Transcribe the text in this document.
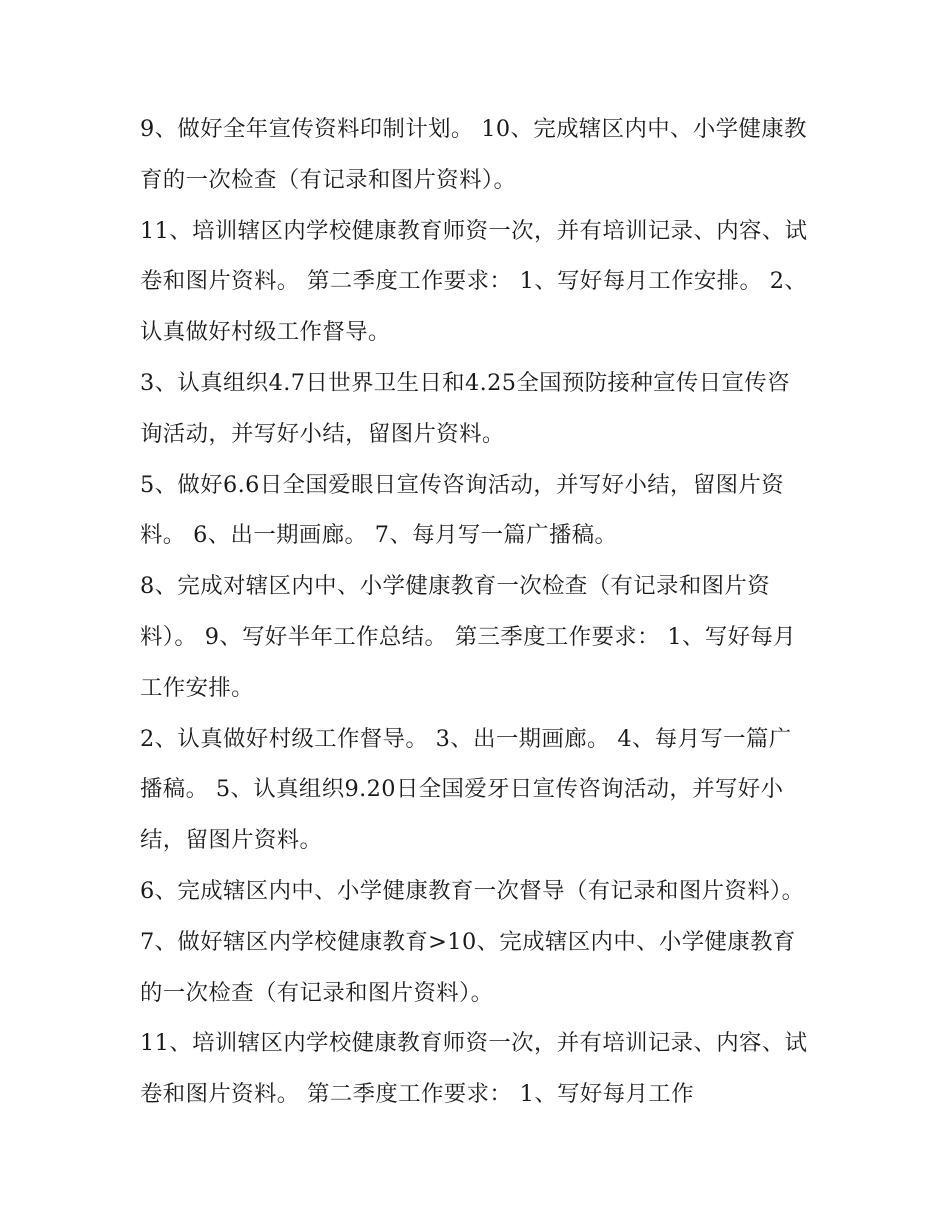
9、做好全年宣传资料印制计划。 10、完成辖区内中、小学健康教育的一次检查（有记录和图片资料）。

11、培训辖区内学校健康教育师资一次，并有培训记录、内容、试卷和图片资料。 第二季度工作要求： 1、写好每月工作安排。 2、认真做好村级工作督导。

3、认真组织4.7日世界卫生日和4.25全国预防接种宣传日宣传咨询活动，并写好小结，留图片资料。

5、做好6.6日全国爱眼日宣传咨询活动，并写好小结，留图片资料。 6、出一期画廊。 7、每月写一篇广播稿。

8、完成对辖区内中、小学健康教育一次检查（有记录和图片资料）。 9、写好半年工作总结。 第三季度工作要求： 1、写好每月工作安排。

2、认真做好村级工作督导。 3、出一期画廊。 4、每月写一篇广播稿。 5、认真组织9.20日全国爱牙日宣传咨询活动，并写好小结，留图片资料。

6、完成辖区内中、小学健康教育一次督导（有记录和图片资料）。 7、做好辖区内学校健康教育>10、完成辖区内中、小学健康教育的一次检查（有记录和图片资料）。

11、培训辖区内学校健康教育师资一次，并有培训记录、内容、试卷和图片资料。 第二季度工作要求： 1、写好每月工作
